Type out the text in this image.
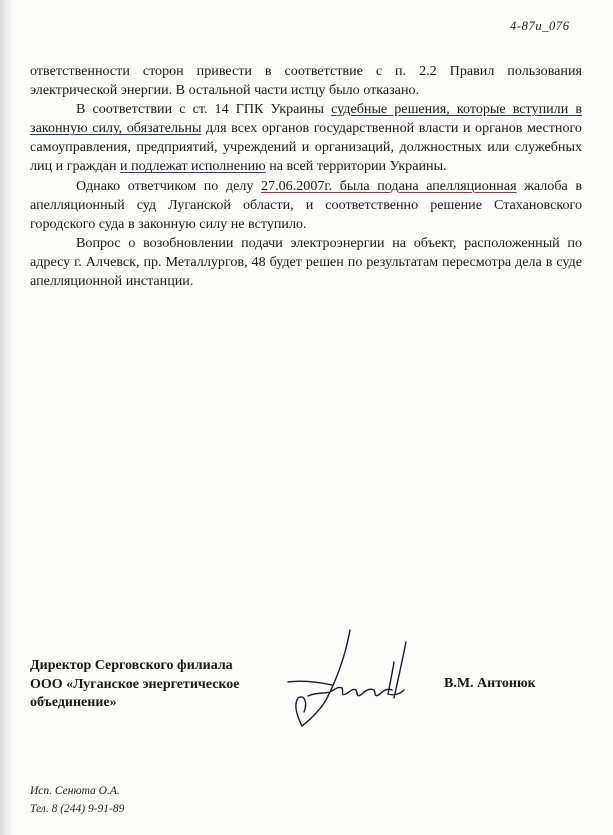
4-87и_076

ответственности сторон привести в соответствие с п. 2.2 Правил пользования электрической энергии. В остальной части истцу было отказано.

В соответствии с ст. 14 ГПК Украины судебные решения, которые вступили в законную силу, обязательны для всех органов государственной власти и органов местного самоуправления, предприятий, учреждений и организаций, должностных или служебных лиц и граждан и подлежат исполнению на всей территории Украины.

Однако ответчиком по делу 27.06.2007г. была подана апелляционная жалоба в апелляционный суд Луганской области, и соответственно решение Стахановского городского суда в законную силу не вступило.

Вопрос о возобновлении подачи электроэнергии на объект, расположенный по адресу г. Алчевск, пр. Металлургов, 48 будет решен по результатам пересмотра дела в суде апелляционной инстанции.

Директор Серговского филиала
ООО «Луганское энергетическое
объединение»
В.М. Антонюк
Исп. Сенюта О.А.
Тел. 8 (244) 9-91-89
